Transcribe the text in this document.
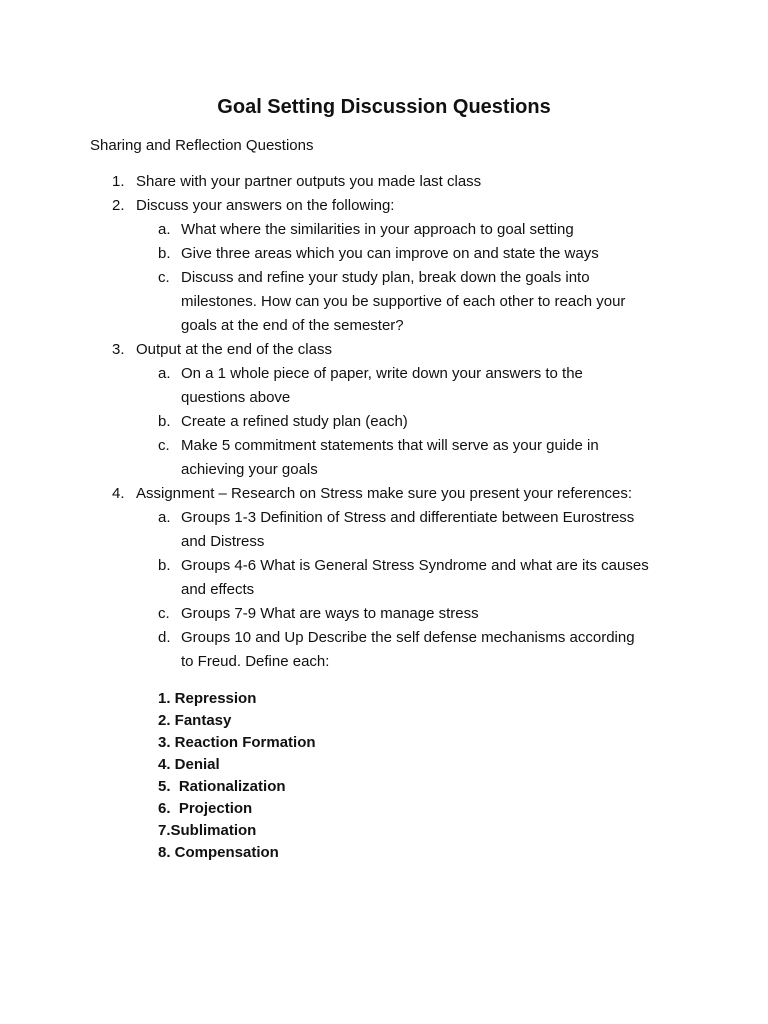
Goal Setting Discussion Questions
Sharing and Reflection Questions
1. Share with your partner outputs you made last class
2. Discuss your answers on the following:
a. What where the similarities in your approach to goal setting
b. Give three areas which you can improve on and state the ways
c. Discuss and refine your study plan, break down the goals into
milestones. How can you be supportive of each other to reach your
goals at the end of the semester?
3. Output at the end of the class
a. On a 1 whole piece of paper, write down your answers to the
questions above
b. Create a refined study plan (each)
c. Make 5 commitment statements that will serve as your guide in
achieving your goals
4. Assignment – Research on Stress make sure you present your references:
a. Groups 1-3 Definition of Stress and differentiate between Eurostress
and Distress
b. Groups 4-6 What is General Stress Syndrome and what are its causes
and effects
c. Groups 7-9 What are ways to manage stress
d. Groups 10 and Up Describe the self defense mechanisms according
to Freud. Define each:
1. Repression
2. Fantasy
3. Reaction Formation
4. Denial
5.  Rationalization
6.  Projection
7.Sublimation
8. Compensation
